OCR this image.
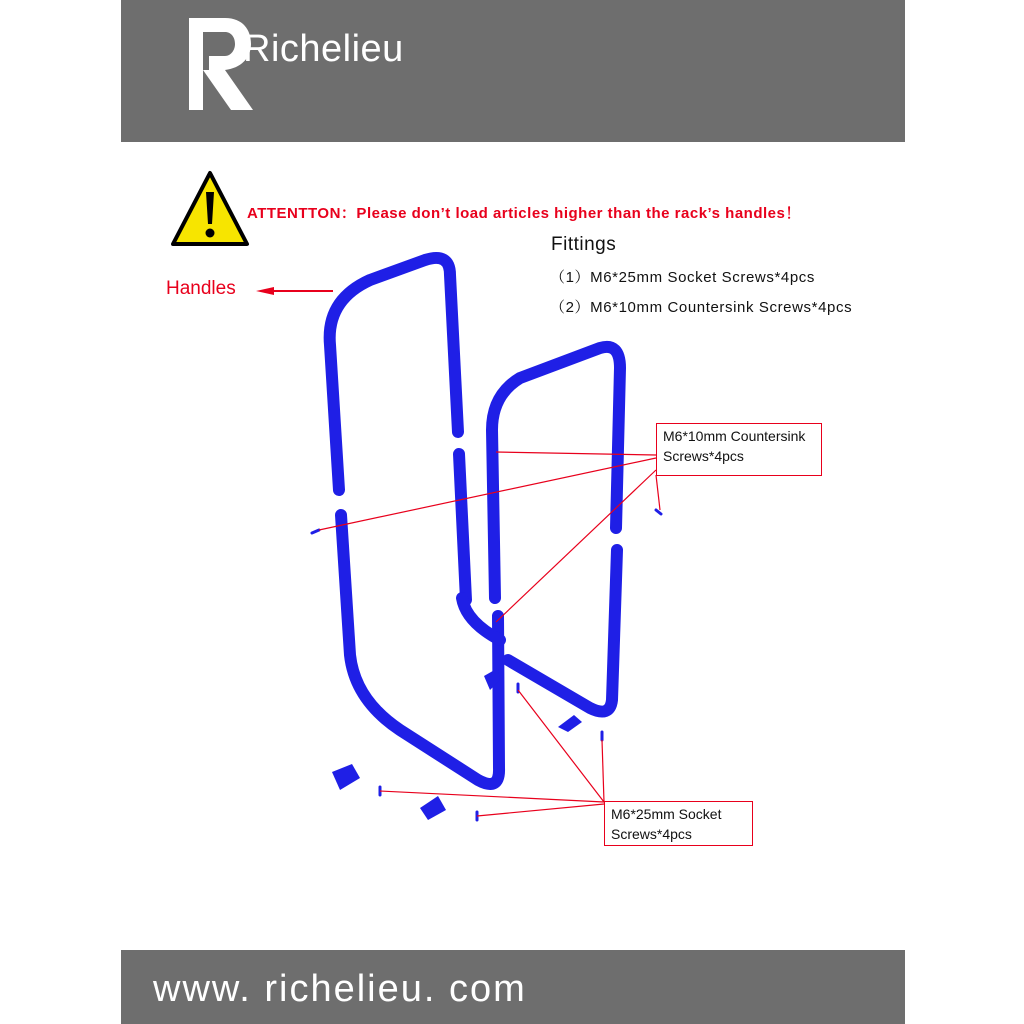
Richelieu
ATTENTTON：Please don’t load articles higher than the rack’s handles！
Fittings
（1）M6*25mm Socket Screws*4pcs
（2）M6*10mm Countersink Screws*4pcs
Handles
M6*10mm Countersink
Screws*4pcs
M6*25mm Socket
Screws*4pcs
www. richelieu. com
